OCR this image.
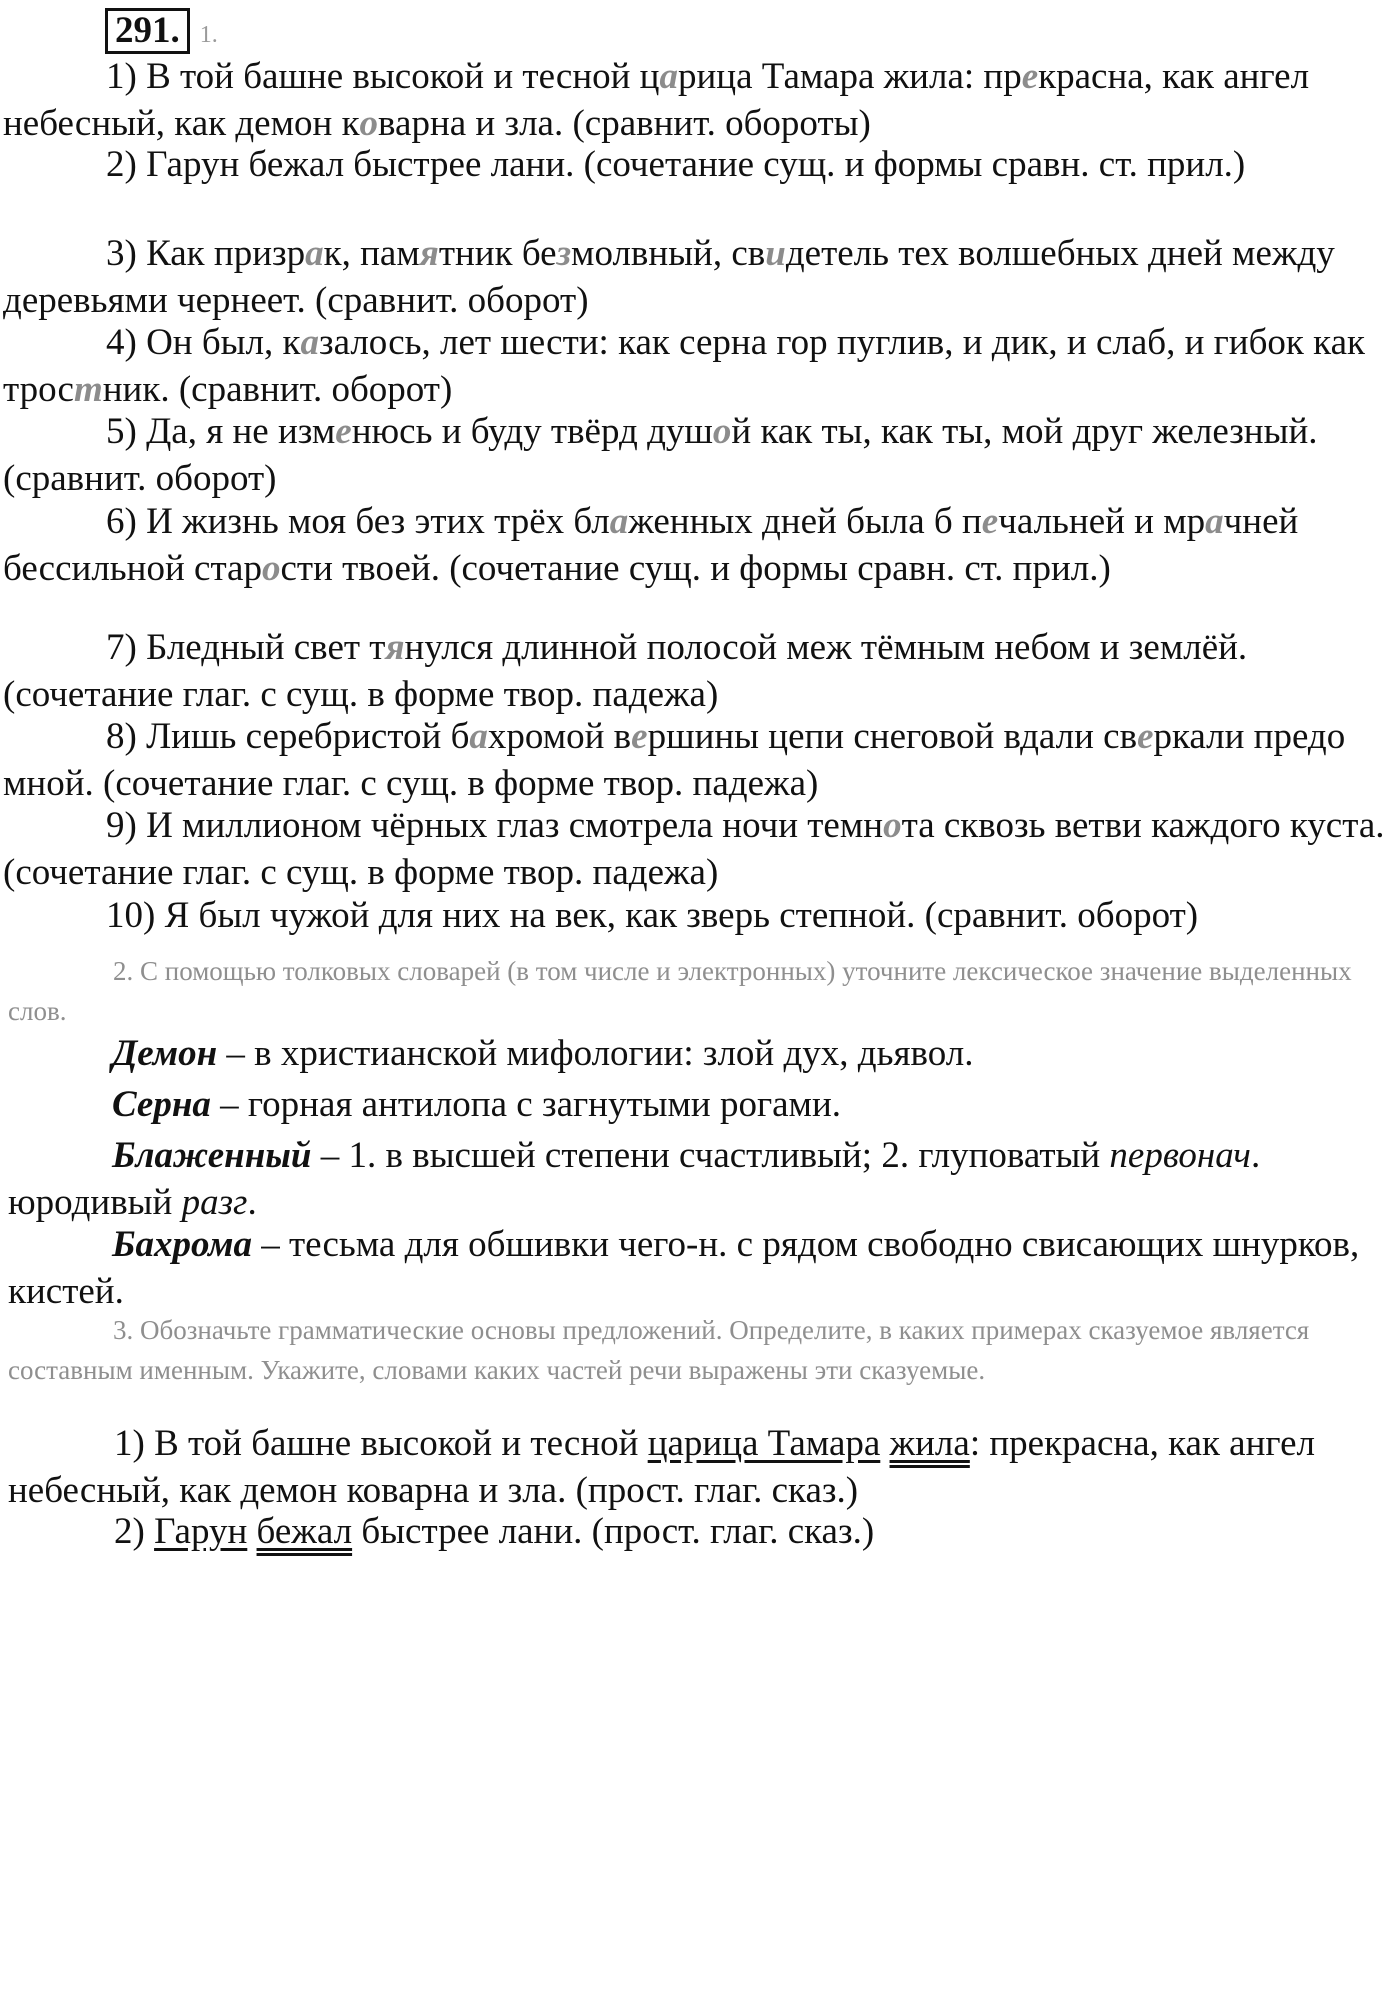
291. 1.

1) В той башне высокой и тесной царица Тамара жила: прекрасна, как ангел небесный, как демон коварна и зла. (сравнит. обороты)

2) Гарун бежал быстрее лани. (сочетание сущ. и формы сравн. ст. прил.)

3) Как призрак, памятник безмолвный, свидетель тех волшебных дней между деревьями чернеет. (сравнит. оборот)

4) Он был, казалось, лет шести: как серна гор пуглив, и дик, и слаб, и гибок как тростник. (сравнит. оборот)

5) Да, я не изменюсь и буду твёрд душой как ты, как ты, мой друг железный. (сравнит. оборот)

6) И жизнь моя без этих трёх блаженных дней была б печальней и мрачней бессильной старости твоей. (сочетание сущ. и формы сравн. ст. прил.)

7) Бледный свет тянулся длинной полосой меж тёмным небом и землёй. (сочетание глаг. с сущ. в форме твор. падежа)

8) Лишь серебристой бахромой вершины цепи снеговой вдали сверкали предо мной. (сочетание глаг. с сущ. в форме твор. падежа)

9) И миллионом чёрных глаз смотрела ночи темнота сквозь ветви каждого куста. (сочетание глаг. с сущ. в форме твор. падежа)

10) Я был чужой для них на век, как зверь степной. (сравнит. оборот)

2. С помощью толковых словарей (в том числе и электронных) уточните лексическое значение выделенных слов.

Демон – в христианской мифологии: злой дух, дьявол.

Серна – горная антилопа с загнутыми рогами.

Блаженный – 1. в высшей степени счастливый; 2. глуповатый первонач. юродивый разг.

Бахрома – тесьма для обшивки чего-н. с рядом свободно свисающих шнурков, кистей.

3. Обозначьте грамматические основы предложений. Определите, в каких примерах сказуемое является составным именным. Укажите, словами каких частей речи выражены эти сказуемые.

1) В той башне высокой и тесной царица Тамара жила: прекрасна, как ангел небесный, как демон коварна и зла. (прост. глаг. сказ.)

2) Гарун бежал быстрее лани. (прост. глаг. сказ.)
